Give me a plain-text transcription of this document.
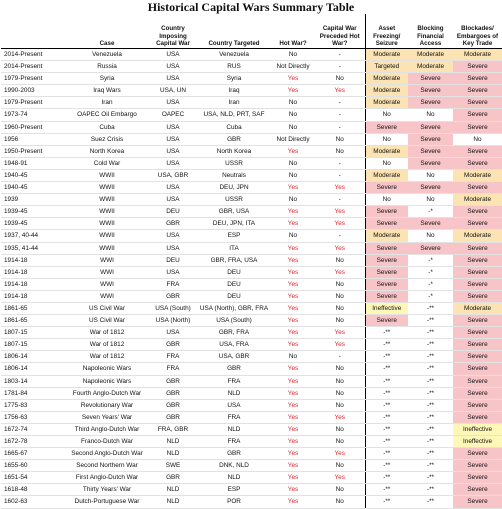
Historical Capital Wars Summary Table
	Case	Country Imposing Capital War	Country Targeted	Hot War?	Capital War Preceded Hot War?	Asset Freezing/ Seizure	Blocking Financial Access	Blockades/ Embargoes of Key Trade
2014-Present	Venezuela	USA	Venezuela	No	-	Moderate	Moderate	Moderate
2014-Present	Russia	USA	RUS	Not Directly	-	Targeted	Moderate	Severe
1979-Present	Syria	USA	Syria	Yes	No	Moderate	Severe	Severe
1990-2003	Iraq Wars	USA, UN	Iraq	Yes	Yes	Moderate	Severe	Severe
1979-Present	Iran	USA	Iran	No	-	Moderate	Severe	Severe
1973-74	OAPEC Oil Embargo	OAPEC	USA, NLD, PRT, SAF	No	-	No	No	Severe
1960-Present	Cuba	USA	Cuba	No	-	Severe	Severe	Severe
1956	Suez Crisis	USA	GBR	Not Directly	No	No	Severe	No
1950-Present	North Korea	USA	North Korea	Yes	No	Moderate	Severe	Severe
1948-91	Cold War	USA	USSR	No	-	No	Severe	Severe
1940-45	WWII	USA, GBR	Neutrals	No	-	Moderate	No	Moderate
1940-45	WWII	USA	DEU, JPN	Yes	Yes	Severe	Severe	Severe
1939	WWII	USA	USSR	No	-	No	No	Moderate
1939-45	WWII	DEU	GBR, USA	Yes	Yes	Severe	-*	Severe
1939-45	WWII	GBR	DEU, JPN, ITA	Yes	Yes	Severe	Severe	Severe
1937, 40-44	WWII	USA	ESP	No	-	Moderate	No	Moderate
1935, 41-44	WWII	USA	ITA	Yes	Yes	Severe	Severe	Severe
1914-18	WWI	DEU	GBR, FRA, USA	Yes	No	Severe	-*	Severe
1914-18	WWI	USA	DEU	Yes	Yes	Severe	-*	Severe
1914-18	WWI	FRA	DEU	Yes	No	Severe	-*	Severe
1914-18	WWI	GBR	DEU	Yes	No	Severe	-*	Severe
1861-65	US Civil War	USA (South)	USA (North), GBR, FRA	Yes	No	Ineffective	-**	Moderate
1861-65	US Civil War	USA (North)	USA (South)	Yes	No	Severe	-**	Severe
1807-15	War of 1812	USA	GBR, FRA	Yes	Yes	-**	-**	Severe
1807-15	War of 1812	GBR	USA, FRA	Yes	Yes	-**	-**	Severe
1806-14	War of 1812	FRA	USA, GBR	No	-	-**	-**	Severe
1806-14	Napoleonic Wars	FRA	GBR	Yes	No	-**	-**	Severe
1803-14	Napoleonic Wars	GBR	FRA	Yes	No	-**	-**	Severe
1781-84	Fourth Anglo-Dutch War	GBR	NLD	Yes	No	-**	-**	Severe
1775-83	Revolutionary War	GBR	USA	Yes	No	-**	-**	Severe
1756-63	Seven Years' War	GBR	FRA	Yes	Yes	-**	-**	Severe
1672-74	Third Anglo-Dutch War	FRA, GBR	NLD	Yes	No	-**	-**	Ineffective
1672-78	Franco-Dutch War	NLD	FRA	Yes	No	-**	-**	Ineffective
1665-67	Second Anglo-Dutch War	NLD	GBR	Yes	Yes	-**	-**	Severe
1655-60	Second Northern War	SWE	DNK, NLD	Yes	No	-**	-**	Severe
1651-54	First Anglo-Dutch War	GBR	NLD	Yes	Yes	-**	-**	Severe
1618-48	Thirty Years' War	NLD	ESP	Yes	No	-**	-**	Severe
1602-63	Dutch-Portuguese War	NLD	POR	Yes	No	-**	-**	Severe
